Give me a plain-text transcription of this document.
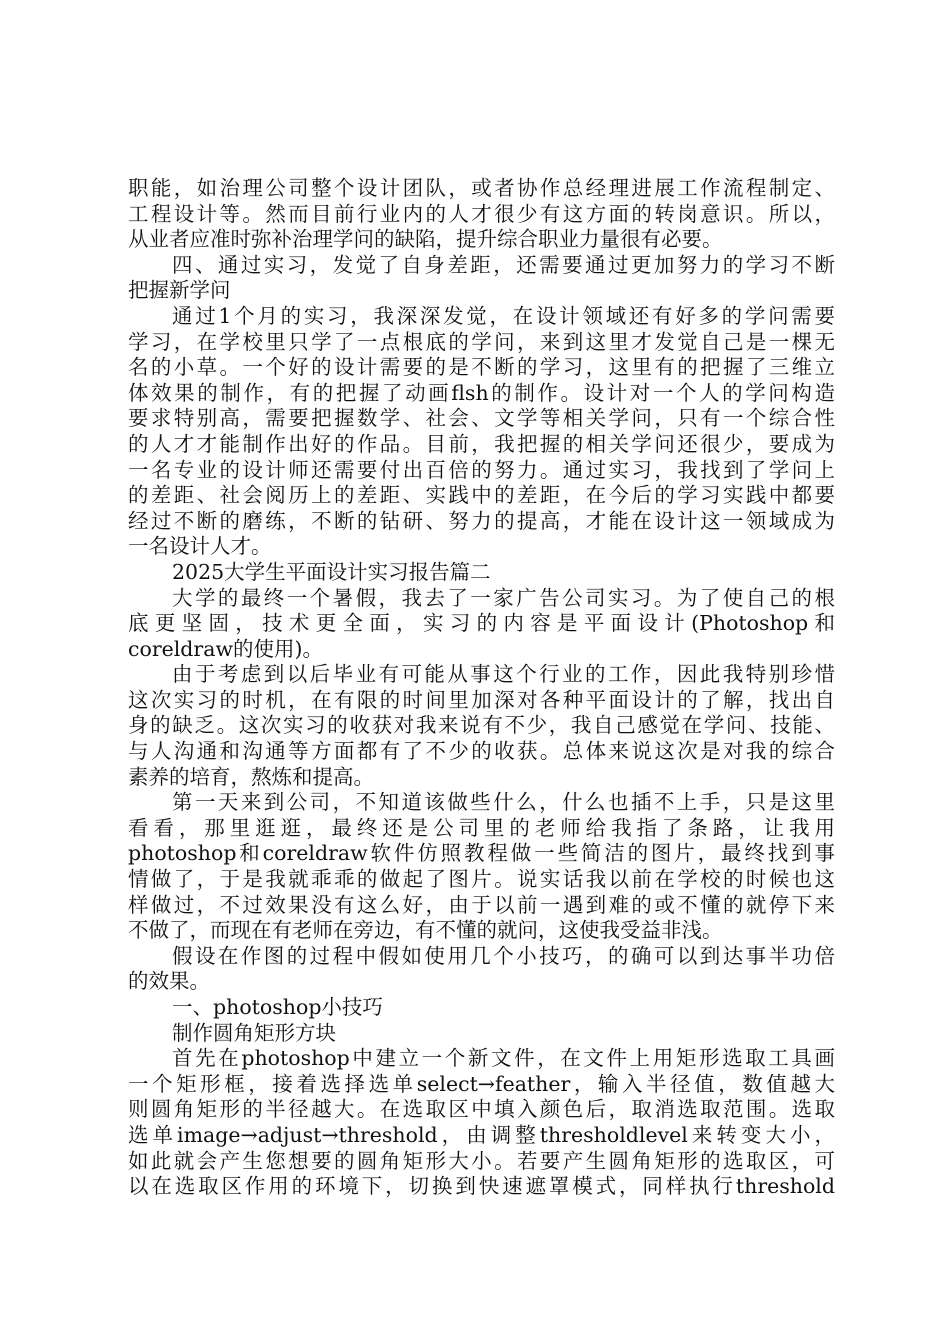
职能，如治理公司整个设计团队，或者协作总经理进展工作流程制定、
工程设计等。然而目前行业内的人才很少有这方面的转岗意识。所以，
从业者应准时弥补治理学问的缺陷，提升综合职业力量很有必要。
四、通过实习，发觉了自身差距，还需要通过更加努力的学习不断
把握新学问
通过1个月的实习，我深深发觉，在设计领域还有好多的学问需要
学习，在学校里只学了一点根底的学问，来到这里才发觉自己是一棵无
名的小草。一个好的设计需要的是不断的学习，这里有的把握了三维立
体效果的制作，有的把握了动画flsh的制作。设计对一个人的学问构造
要求特别高，需要把握数学、社会、文学等相关学问，只有一个综合性
的人才才能制作出好的作品。目前，我把握的相关学问还很少，要成为
一名专业的设计师还需要付出百倍的努力。通过实习，我找到了学问上
的差距、社会阅历上的差距、实践中的差距，在今后的学习实践中都要
经过不断的磨练，不断的钻研、努力的提高，才能在设计这一领域成为
一名设计人才。
2025大学生平面设计实习报告篇二
大学的最终一个暑假，我去了一家广告公司实习。为了使自己的根
底更坚固，技术更全面，实习的内容是平面设计(Photoshop和
coreldraw的使用)。
由于考虑到以后毕业有可能从事这个行业的工作，因此我特别珍惜
这次实习的时机，在有限的时间里加深对各种平面设计的了解，找出自
身的缺乏。这次实习的收获对我来说有不少，我自己感觉在学问、技能、
与人沟通和沟通等方面都有了不少的收获。总体来说这次是对我的综合
素养的培育，熬炼和提高。
第一天来到公司，不知道该做些什么，什么也插不上手，只是这里
看看，那里逛逛，最终还是公司里的老师给我指了条路，让我用
photoshop和coreldraw软件仿照教程做一些简洁的图片，最终找到事
情做了，于是我就乖乖的做起了图片。说实话我以前在学校的时候也这
样做过，不过效果没有这么好，由于以前一遇到难的或不懂的就停下来
不做了，而现在有老师在旁边，有不懂的就问，这使我受益非浅。
假设在作图的过程中假如使用几个小技巧，的确可以到达事半功倍
的效果。
一、photoshop小技巧
制作圆角矩形方块
首先在photoshop中建立一个新文件，在文件上用矩形选取工具画
一个矩形框，接着选择选单select→feather，输入半径值，数值越大
则圆角矩形的半径越大。在选取区中填入颜色后，取消选取范围。选取
选单image→adjust→threshold，由调整thresholdlevel来转变大小，
如此就会产生您想要的圆角矩形大小。若要产生圆角矩形的选取区，可
以在选取区作用的环境下，切换到快速遮罩模式，同样执行threshold
